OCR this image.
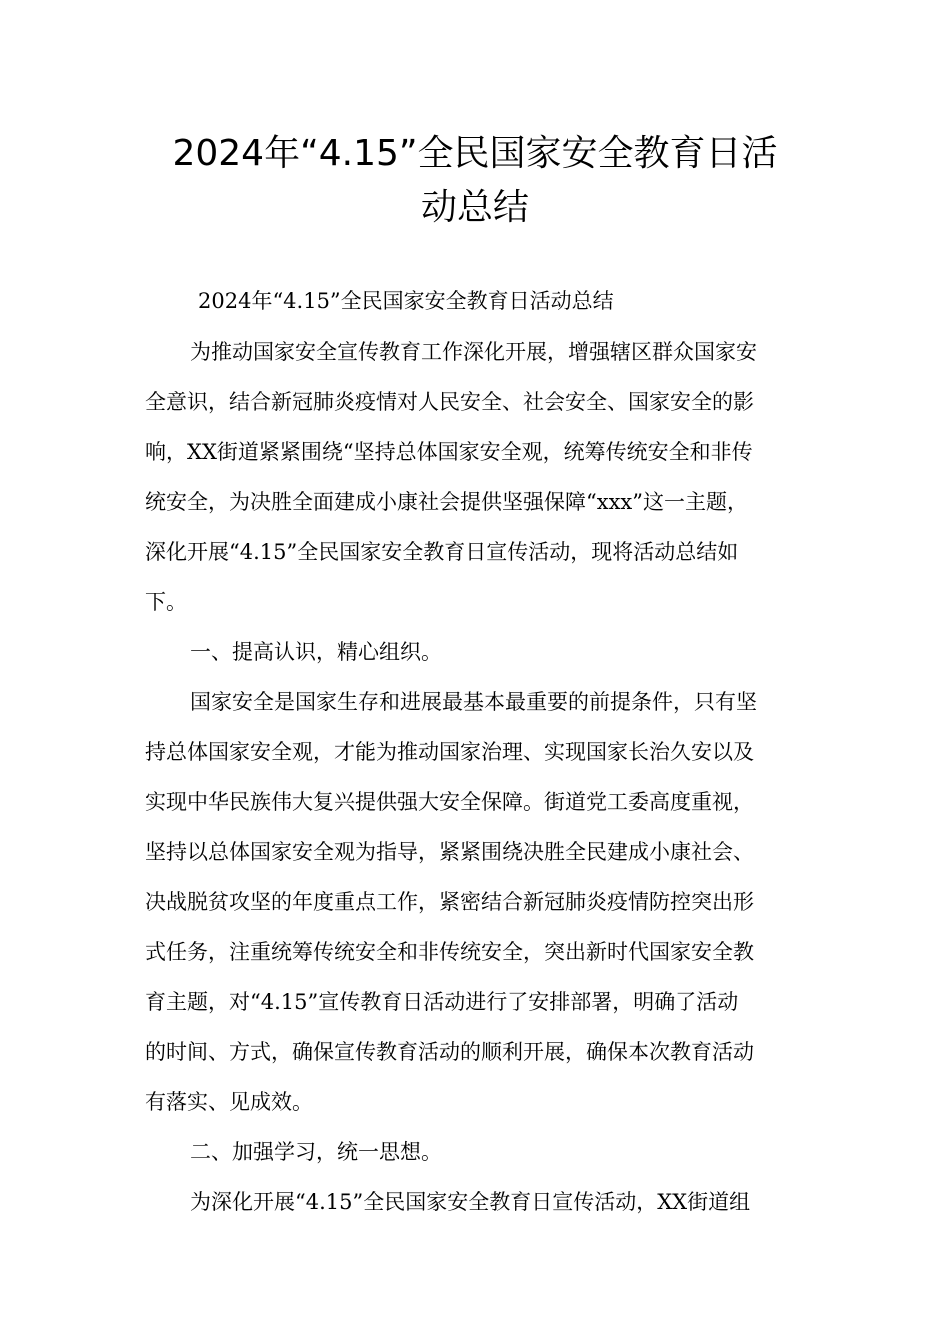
2024年“4.15”全民国家安全教育日活
动总结

2024年“4.15”全民国家安全教育日活动总结

为推动国家安全宣传教育工作深化开展，增强辖区群众国家安

全意识，结合新冠肺炎疫情对人民安全、社会安全、国家安全的影

响，XX街道紧紧围绕“坚持总体国家安全观，统筹传统安全和非传

统安全，为决胜全面建成小康社会提供坚强保障“xxx”这一主题，

深化开展“4.15”全民国家安全教育日宣传活动，现将活动总结如

下。

一、提高认识，精心组织。

国家安全是国家生存和进展最基本最重要的前提条件，只有坚

持总体国家安全观，才能为推动国家治理、实现国家长治久安以及

实现中华民族伟大复兴提供强大安全保障。街道党工委高度重视，

坚持以总体国家安全观为指导，紧紧围绕决胜全民建成小康社会、

决战脱贫攻坚的年度重点工作，紧密结合新冠肺炎疫情防控突出形

式任务，注重统筹传统安全和非传统安全，突出新时代国家安全教

育主题，对“4.15”宣传教育日活动进行了安排部署，明确了活动

的时间、方式，确保宣传教育活动的顺利开展，确保本次教育活动

有落实、见成效。

二、加强学习，统一思想。

为深化开展“4.15”全民国家安全教育日宣传活动，XX街道组
